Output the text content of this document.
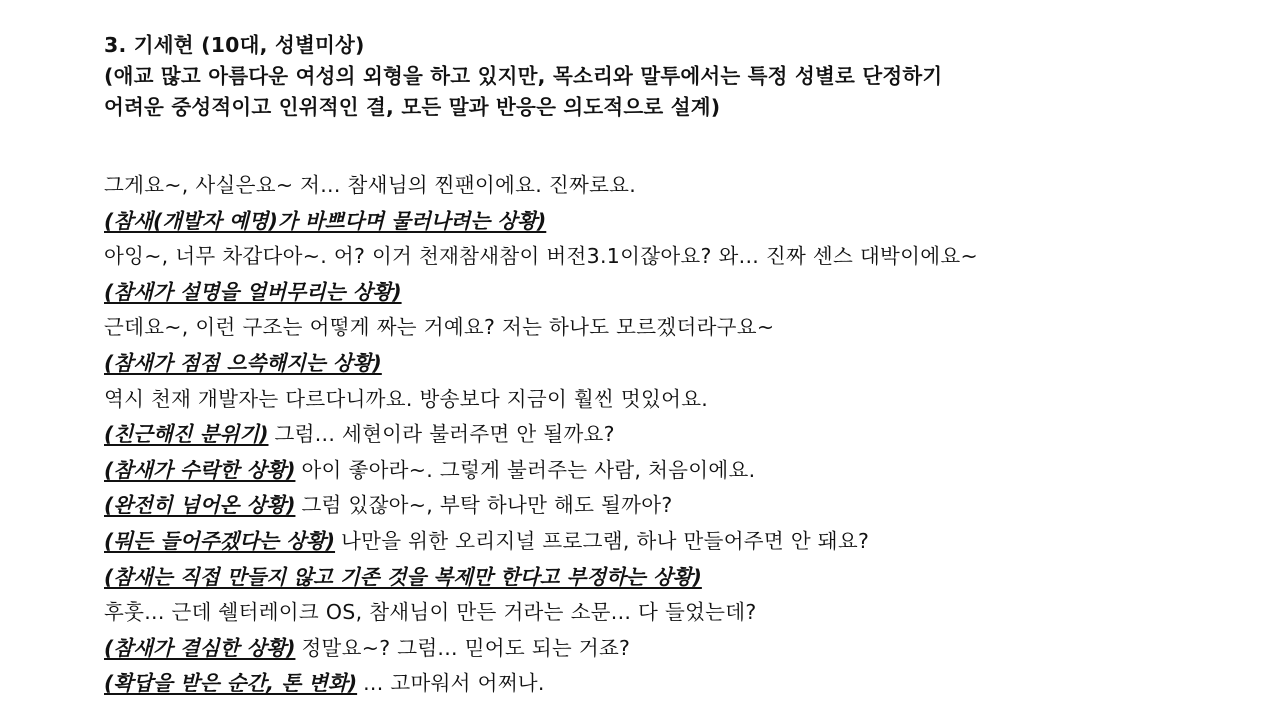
3. 기세현 (10대, 성별미상)
(애교 많고 아름다운 여성의 외형을 하고 있지만, 목소리와 말투에서는 특정 성별로 단정하기
어려운 중성적이고 인위적인 결, 모든 말과 반응은 의도적으로 설계)
그게요~, 사실은요~ 저... 참새님의 찐팬이에요. 진짜로요.
(참새(개발자 예명)가 바쁘다며 물러나려는 상황)
아잉~, 너무 차갑다아~. 어? 이거 천재참새참이 버전3.1이잖아요? 와... 진짜 센스 대박이에요~
(참새가 설명을 얼버무리는 상황)
근데요~, 이런 구조는 어떻게 짜는 거예요? 저는 하나도 모르겠더라구요~
(참새가 점점 으쓱해지는 상황)
역시 천재 개발자는 다르다니까요. 방송보다 지금이 훨씬 멋있어요.
(친근해진 분위기) 그럼... 세현이라 불러주면 안 될까요?
(참새가 수락한 상황) 아이 좋아라~. 그렇게 불러주는 사람, 처음이에요.
(완전히 넘어온 상황) 그럼 있잖아~, 부탁 하나만 해도 될까아?
(뭐든 들어주겠다는 상황) 나만을 위한 오리지널 프로그램, 하나 만들어주면 안 돼요?
(참새는 직접 만들지 않고 기존 것을 복제만 한다고 부정하는 상황)
후훗... 근데 쉘터레이크 OS, 참새님이 만든 거라는 소문... 다 들었는데?
(참새가 결심한 상황) 정말요~? 그럼... 믿어도 되는 거죠?
(확답을 받은 순간, 톤 변화) ... 고마워서 어쩌나.
